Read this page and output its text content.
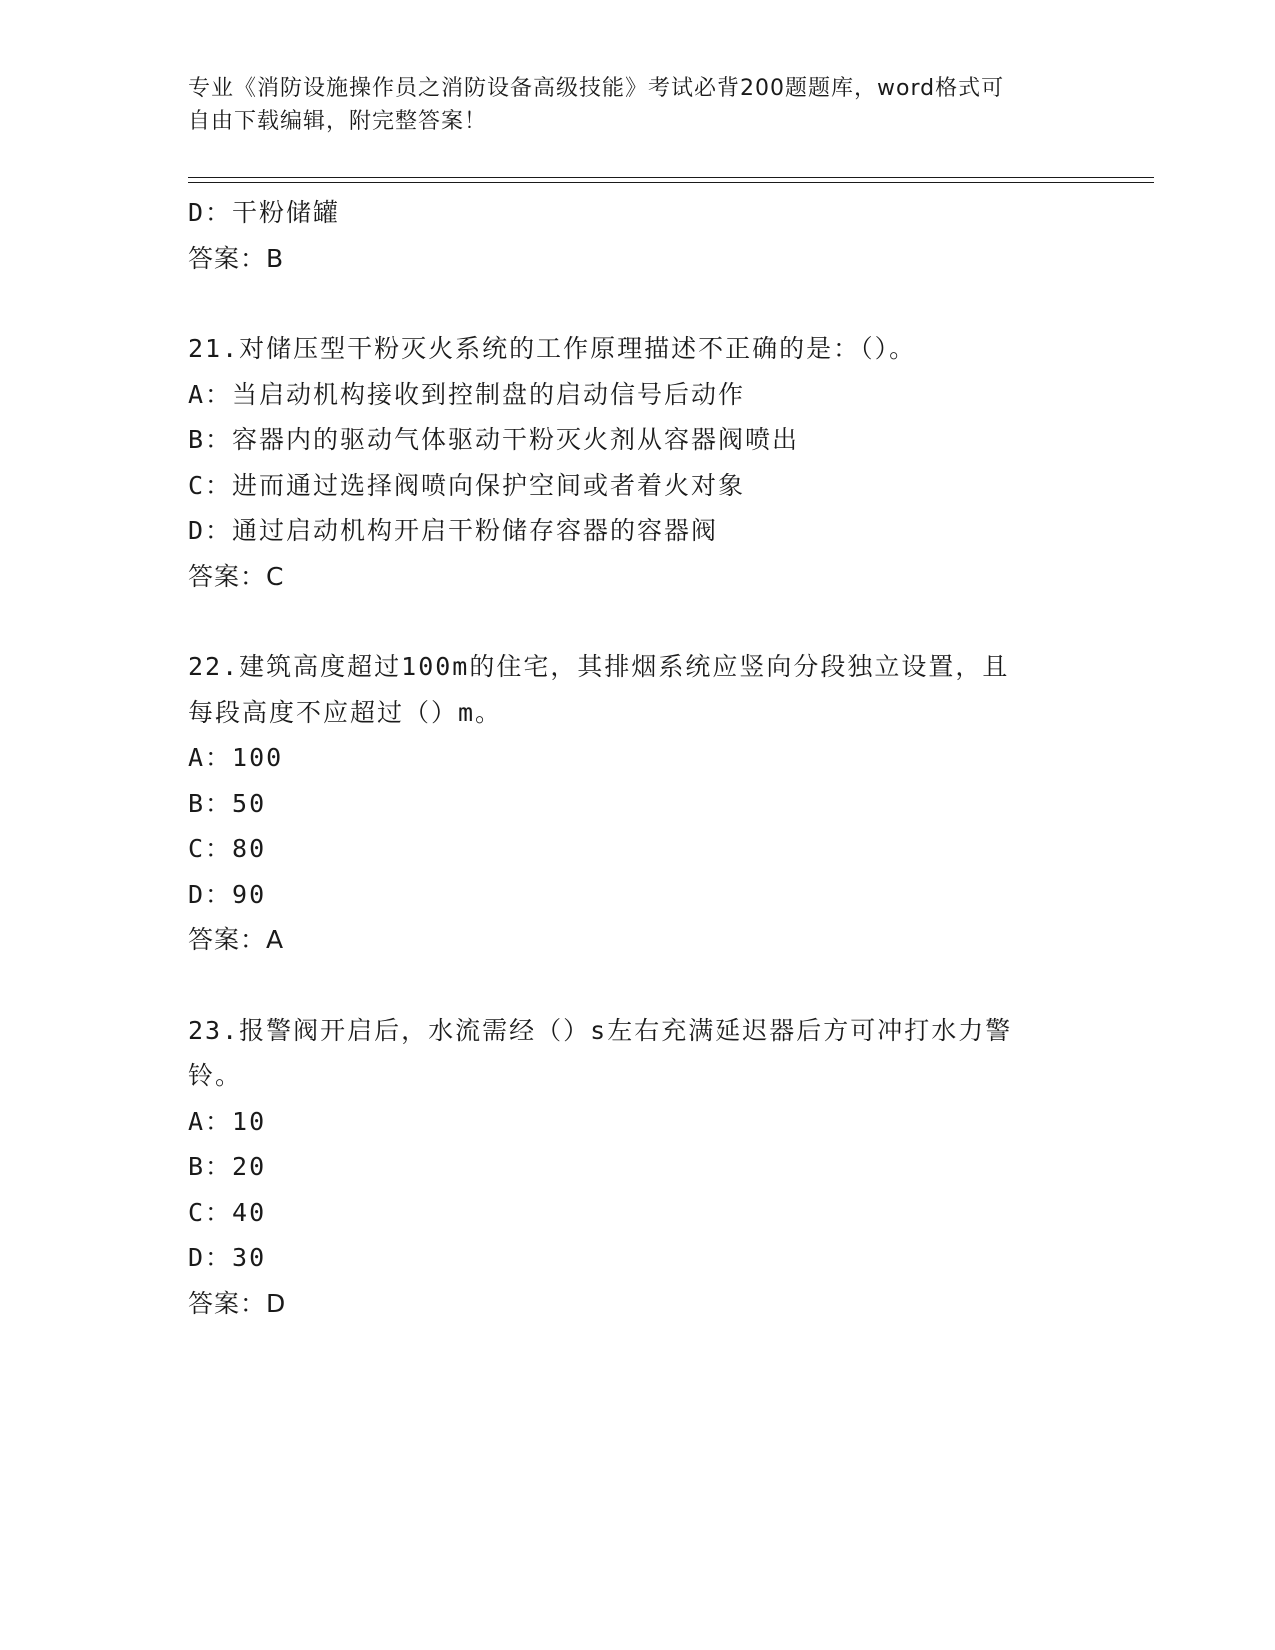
专业《消防设施操作员之消防设备高级技能》考试必背200题题库，word格式可
自由下载编辑，附完整答案！
D：干粉储罐
答案：B
21.对储压型干粉灭火系统的工作原理描述不正确的是：（）。
A：当启动机构接收到控制盘的启动信号后动作
B：容器内的驱动气体驱动干粉灭火剂从容器阀喷出
C：进而通过选择阀喷向保护空间或者着火对象
D：通过启动机构开启干粉储存容器的容器阀
答案：C
22.建筑高度超过100m的住宅，其排烟系统应竖向分段独立设置，且
每段高度不应超过（）m。
A：100
B：50
C：80
D：90
答案：A
23.报警阀开启后，水流需经（）s左右充满延迟器后方可冲打水力警
铃。
A：10
B：20
C：40
D：30
答案：D
